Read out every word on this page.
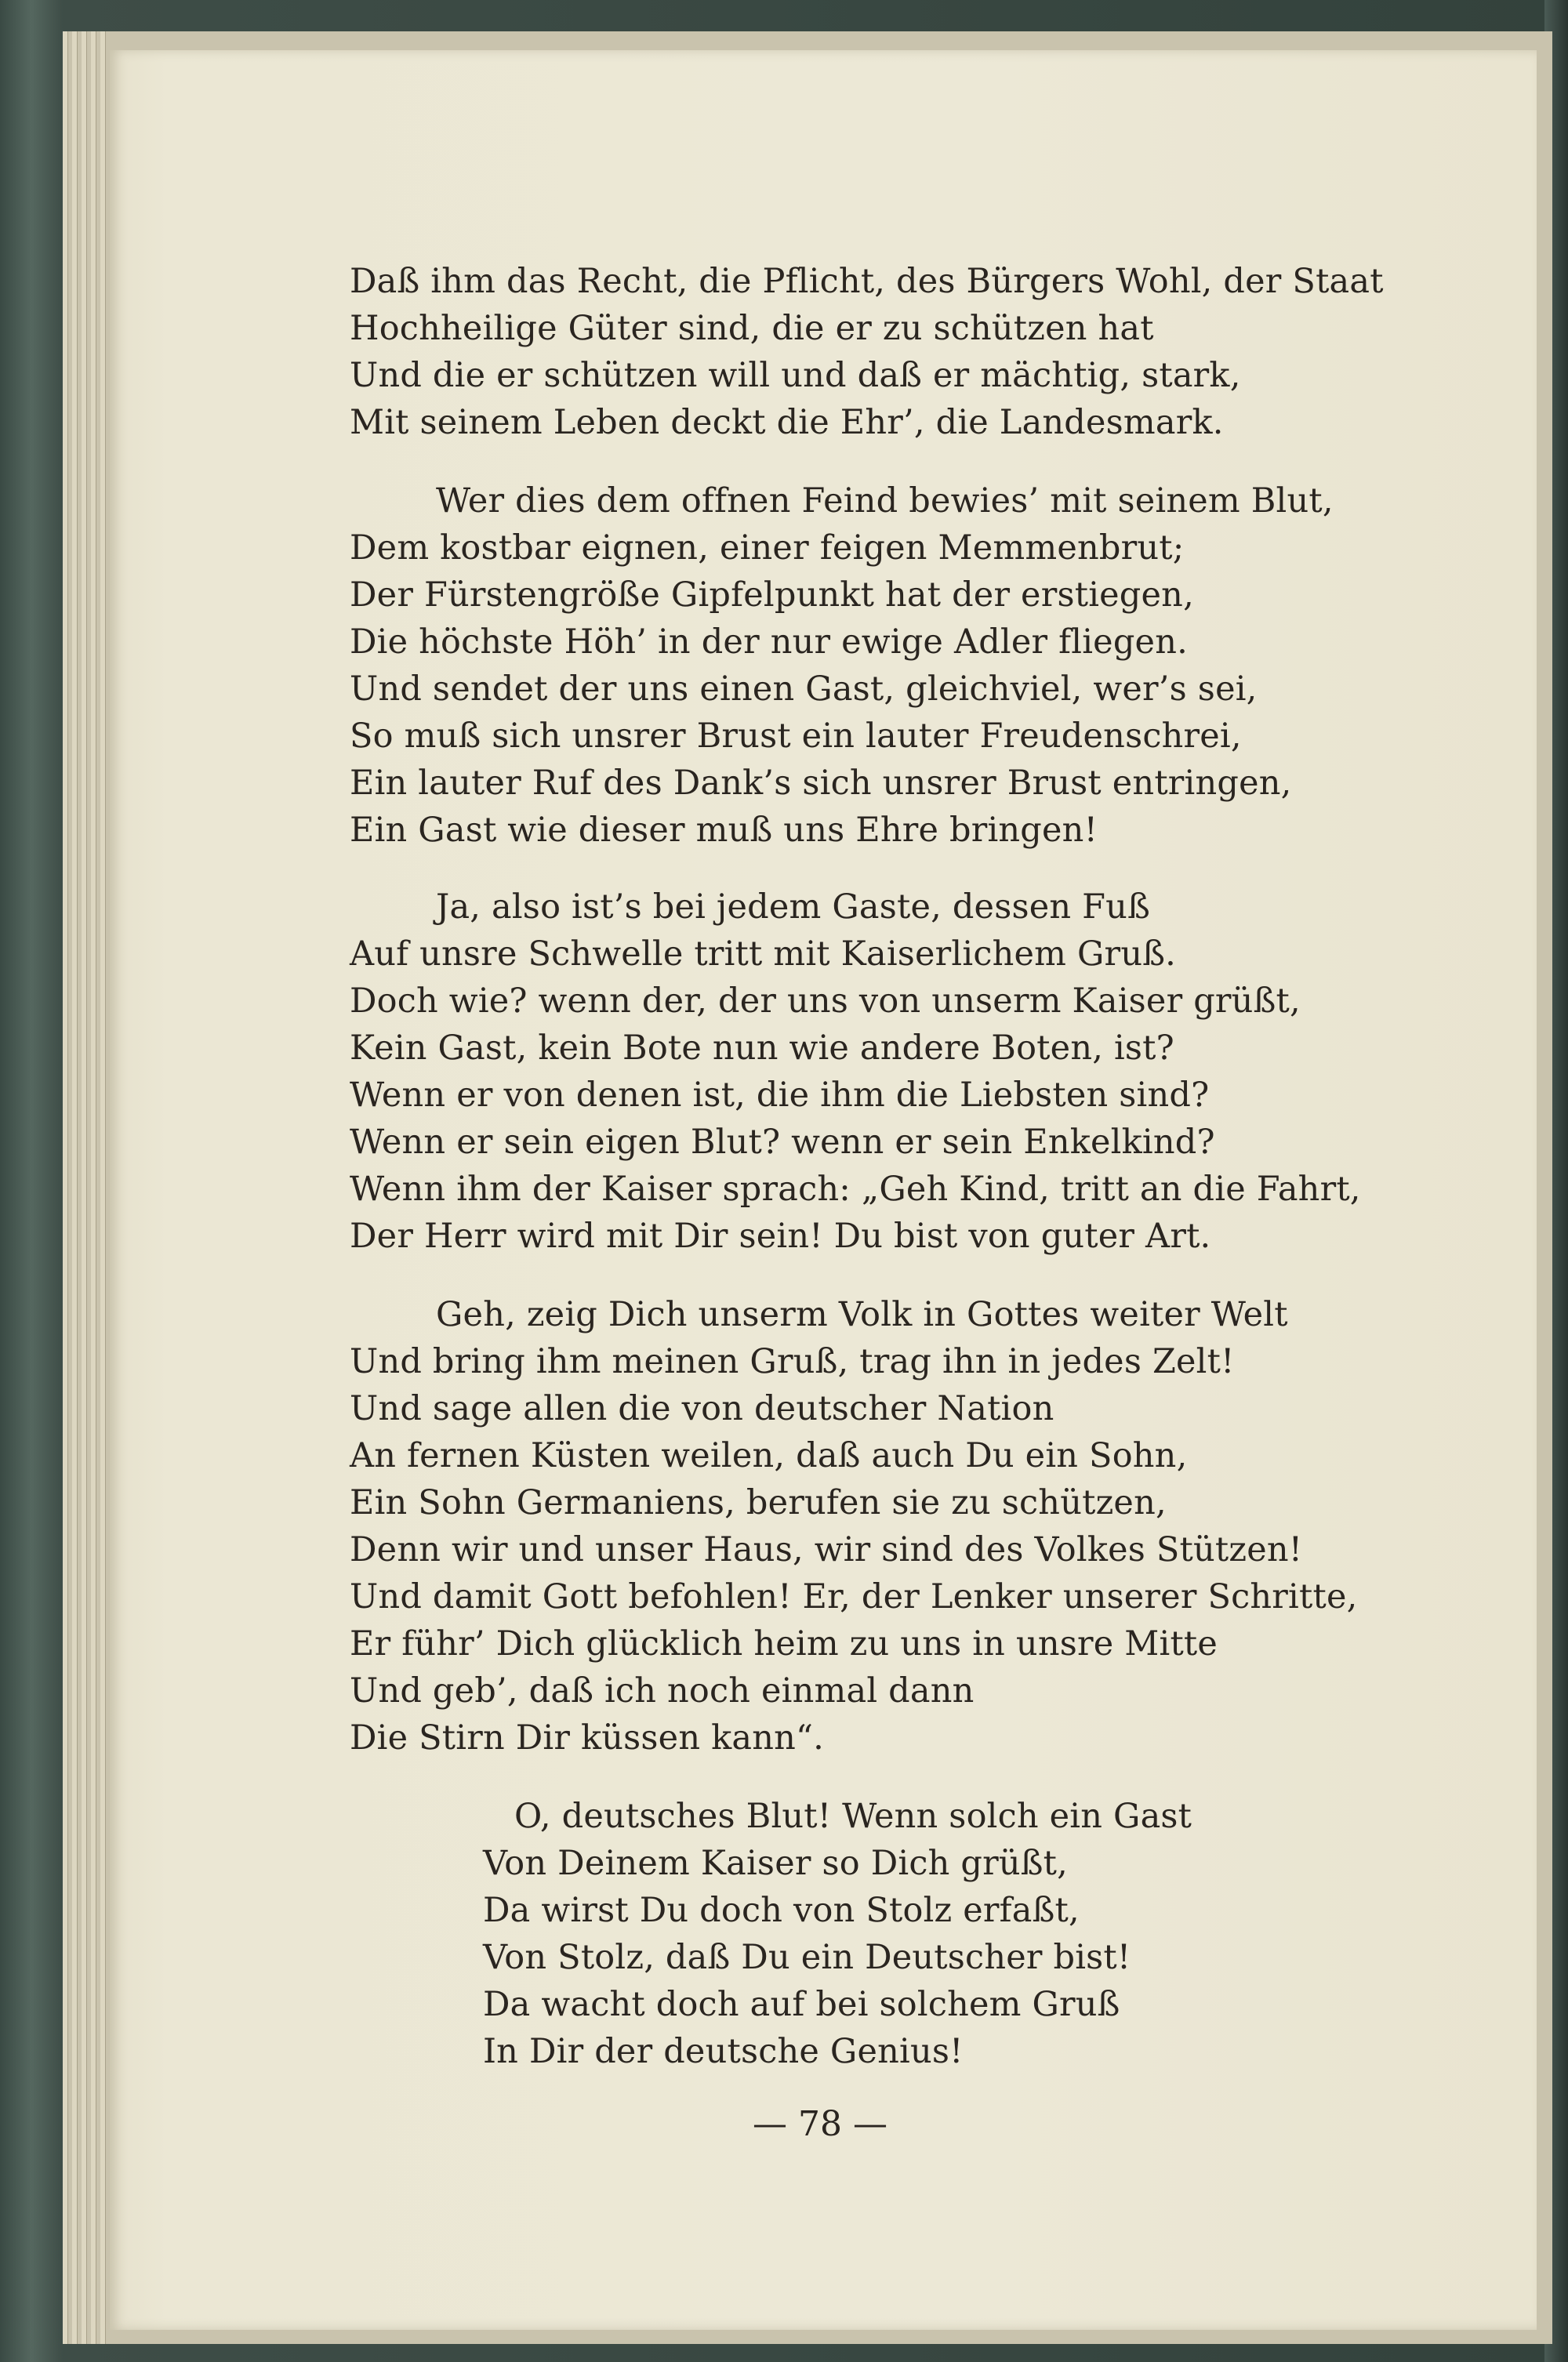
Daß ihm das Recht, die Pflicht, des Bürgers Wohl, der Staat
Hochheilige Güter sind, die er zu schützen hat
Und die er schützen will und daß er mächtig, stark,
Mit seinem Leben deckt die Ehr’, die Landesmark.
Wer dies dem offnen Feind bewies’ mit seinem Blut,
Dem kostbar eignen, einer feigen Memmenbrut;
Der Fürstengröße Gipfelpunkt hat der erstiegen,
Die höchste Höh’ in der nur ewige Adler fliegen.
Und sendet der uns einen Gast, gleichviel, wer’s sei,
So muß sich unsrer Brust ein lauter Freudenschrei,
Ein lauter Ruf des Dank’s sich unsrer Brust entringen,
Ein Gast wie dieser muß uns Ehre bringen!
Ja, also ist’s bei jedem Gaste, dessen Fuß
Auf unsre Schwelle tritt mit Kaiserlichem Gruß.
Doch wie? wenn der, der uns von unserm Kaiser grüßt,
Kein Gast, kein Bote nun wie andere Boten, ist?
Wenn er von denen ist, die ihm die Liebsten sind?
Wenn er sein eigen Blut? wenn er sein Enkelkind?
Wenn ihm der Kaiser sprach: „Geh Kind, tritt an die Fahrt,
Der Herr wird mit Dir sein! Du bist von guter Art.
Geh, zeig Dich unserm Volk in Gottes weiter Welt
Und bring ihm meinen Gruß, trag ihn in jedes Zelt!
Und sage allen die von deutscher Nation
An fernen Küsten weilen, daß auch Du ein Sohn,
Ein Sohn Germaniens, berufen sie zu schützen,
Denn wir und unser Haus, wir sind des Volkes Stützen!
Und damit Gott befohlen! Er, der Lenker unserer Schritte,
Er führ’ Dich glücklich heim zu uns in unsre Mitte
Und geb’, daß ich noch einmal dann
Die Stirn Dir küssen kann“.
O, deutsches Blut! Wenn solch ein Gast
Von Deinem Kaiser so Dich grüßt,
Da wirst Du doch von Stolz erfaßt,
Von Stolz, daß Du ein Deutscher bist!
Da wacht doch auf bei solchem Gruß
In Dir der deutsche Genius!
— 78 —
